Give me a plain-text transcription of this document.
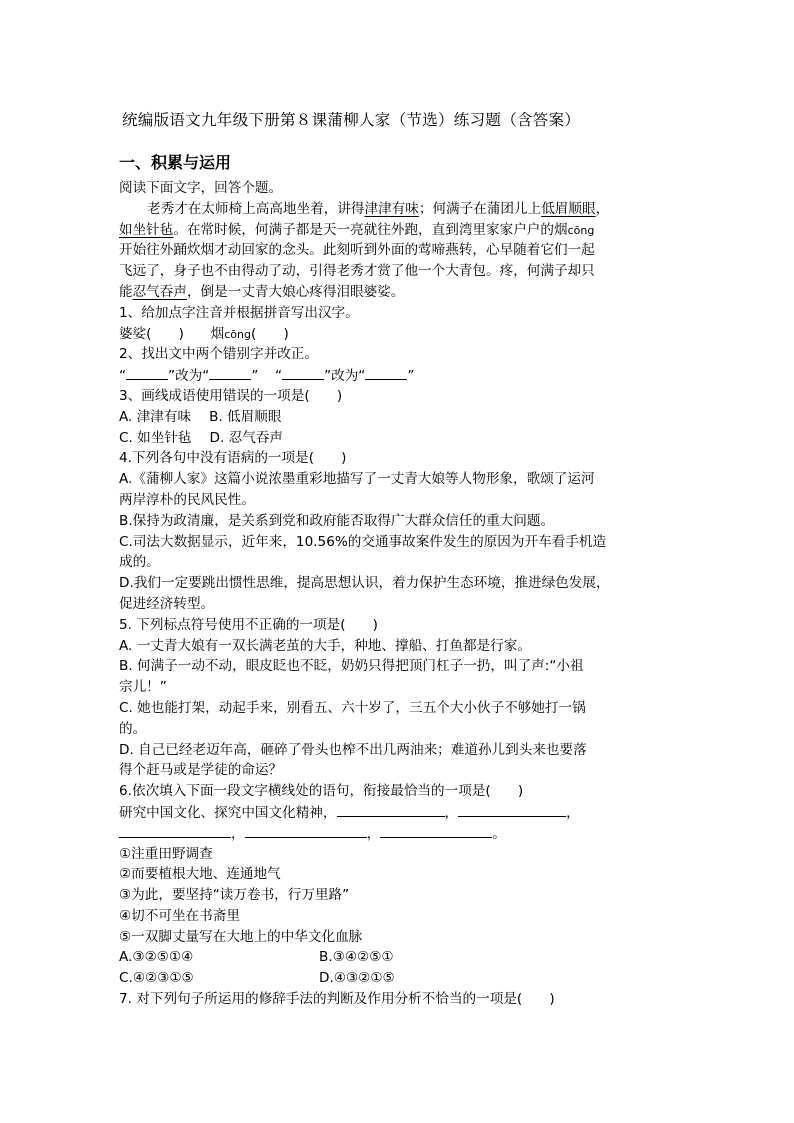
统编版语文九年级下册第８课蒲柳人家（节选）练习题（含答案）
一、积累与运用
阅读下面文字，回答个题。
老秀才在太师椅上高高地坐着，讲得津津有味；何满子在蒲团儿上低眉顺眼，
如坐针毡。在常时候，何满子都是天一亮就往外跑，直到湾里家家户户的烟cōng
开始往外踊炊烟才动回家的念头。此刻听到外面的莺啼燕转，心早随着它们一起
飞远了，身子也不由得动了动，引得老秀才赏了他一个大青包。疼，何满子却只
能忍气吞声，倒是一丈青大娘心疼得泪眼婆娑。
1、给加点字注音并根据拼音写出汉字。
婆娑(　　) 烟cōng(　　)
2、找出文中两个错别字并改正。
“	”改为“	” “	”改为“	”
3、画线成语使用错误的一项是(　　)
A. 津津有味 B. 低眉顺眼
C. 如坐针毡 D. 忍气吞声
4.下列各句中没有语病的一项是(　　)
A.《蒲柳人家》这篇小说浓墨重彩地描写了一丈青大娘等人物形象，歌颂了运河
两岸淳朴的民风民性。
B.保持为政清廉，是关系到党和政府能否取得广大群众信任的重大问题。
C.司法大数据显示，近年来，10.56%的交通事故案件发生的原因为开车看手机造
成的。
D.我们一定要跳出惯性思维，提高思想认识，着力保护生态环境，推进绿色发展，
促进经济转型。
5. 下列标点符号使用不正确的一项是(　　)
A. 一丈青大娘有一双长满老茧的大手，种地、撑船、打鱼都是行家。
B. 何满子一动不动，眼皮眨也不眨，奶奶只得把顶门杠子一扔，叫了声:“小祖
宗儿！”
C. 她也能打架，动起手来，别看五、六十岁了，三五个大小伙子不够她打一锅
的。
D. 自己已经老迈年高，砸碎了骨头也榨不出几两油来；难道孙儿到头来也要落
得个赶马或是学徒的命运？
6.依次填入下面一段文字横线处的语句，衔接最恰当的一项是(　　)
研究中国文化、探究中国文化精神，	，	，
，	，	。
①注重田野调查
②而要植根大地、连通地气
③为此，要坚持“读万卷书，行万里路”
④切不可坐在书斋里
⑤一双脚丈量写在大地上的中华文化血脉
A.③②⑤①④	B.③④②⑤①
C.④②③①⑤	D.④③②①⑤
7. 对下列句子所运用的修辞手法的判断及作用分析不恰当的一项是(　　)
